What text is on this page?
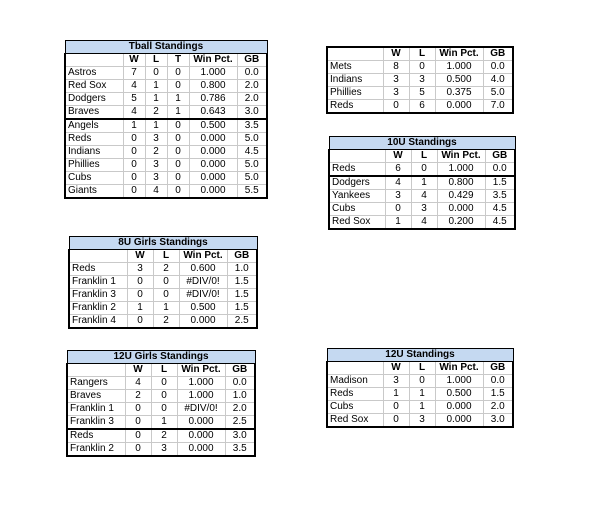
Tball Standings					
	W	L	T	Win Pct.	GB
Astros	7	0	0	1.000	0.0
Red Sox	4	1	0	0.800	2.0
Dodgers	5	1	1	0.786	2.0
Braves	4	2	1	0.643	3.0
Angels	1	1	0	0.500	3.5
Reds	0	3	0	0.000	5.0
Indians	0	2	0	0.000	4.5
Phillies	0	3	0	0.000	5.0
Cubs	0	3	0	0.000	5.0
Giants	0	4	0	0.000	5.5
	W	L	Win Pct.	GB
Mets	8	0	1.000	0.0
Indians	3	3	0.500	4.0
Phillies	3	5	0.375	5.0
Reds	0	6	0.000	7.0
10U Standings				
	W	L	Win Pct.	GB
Reds	6	0	1.000	0.0
Dodgers	4	1	0.800	1.5
Yankees	3	4	0.429	3.5
Cubs	0	3	0.000	4.5
Red Sox	1	4	0.200	4.5
8U Girls Standings				
	W	L	Win Pct.	GB
Reds	3	2	0.600	1.0
Franklin 1	0	0	#DIV/0!	1.5
Franklin 3	0	0	#DIV/0!	1.5
Franklin 2	1	1	0.500	1.5
Franklin 4	0	2	0.000	2.5
12U Girls Standings				
	W	L	Win Pct.	GB
Rangers	4	0	1.000	0.0
Braves	2	0	1.000	1.0
Franklin 1	0	0	#DIV/0!	2.0
Franklin 3	0	1	0.000	2.5
Reds	0	2	0.000	3.0
Franklin 2	0	3	0.000	3.5
12U Standings				
	W	L	Win Pct.	GB
Madison	3	0	1.000	0.0
Reds	1	1	0.500	1.5
Cubs	0	1	0.000	2.0
Red Sox	0	3	0.000	3.0
